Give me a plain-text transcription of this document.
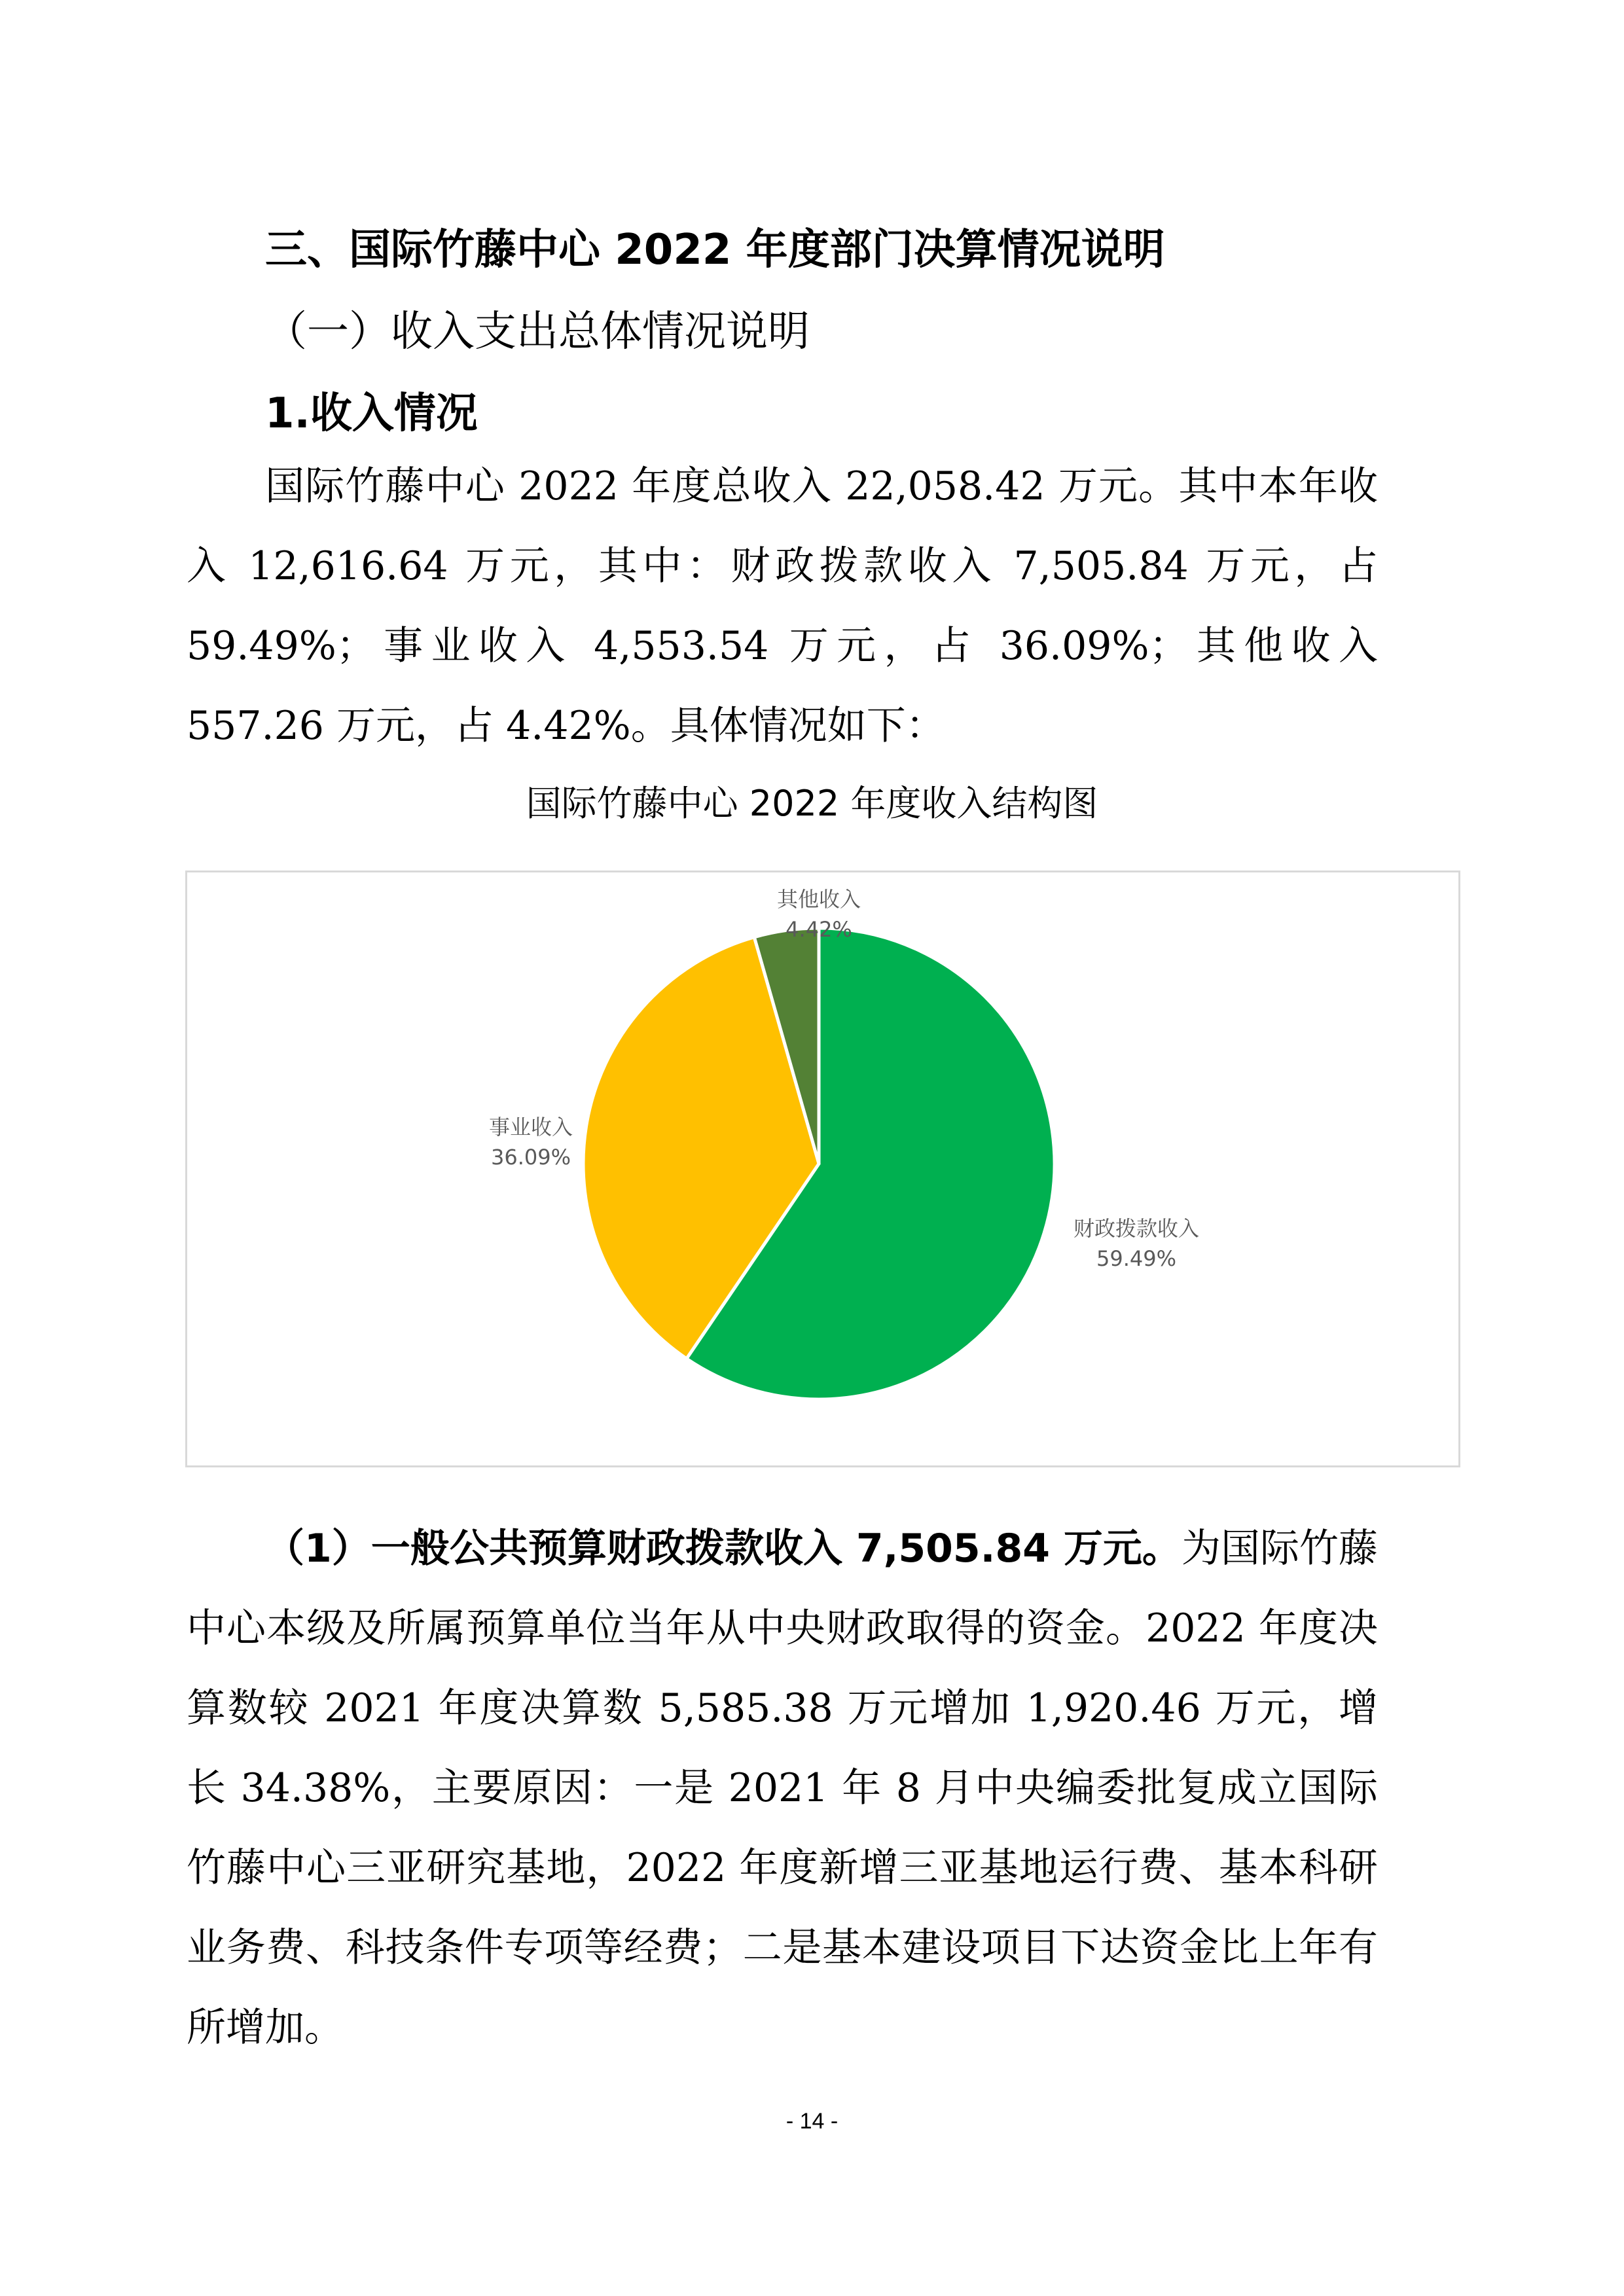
三、国际竹藤中心 2022 年度部门决算情况说明
（一）收入支出总体情况说明
1.收入情况

国际竹藤中心 2022 年度总收入 22,058.42 万元。其中本年收入 12,616.64 万元，其中：财政拨款收入 7,505.84 万元，占 59.49%；事业收入 4,553.54 万元，占 36.09%；其他收入 557.26 万元，占 4.42%。具体情况如下：

国际竹藤中心 2022 年度收入结构图
财政拨款收入
59.49%
事业收入
36.09%
其他收入
4.42%

（1）一般公共预算财政拨款收入 7,505.84 万元。为国际竹藤中心本级及所属预算单位当年从中央财政取得的资金。2022 年度决算数较 2021 年度决算数 5,585.38 万元增加 1,920.46 万元，增长 34.38%，主要原因：一是 2021 年 8 月中央编委批复成立国际竹藤中心三亚研究基地，2022 年度新增三亚基地运行费、基本科研业务费、科技条件专项等经费；二是基本建设项目下达资金比上年有所增加。

- 14 -
